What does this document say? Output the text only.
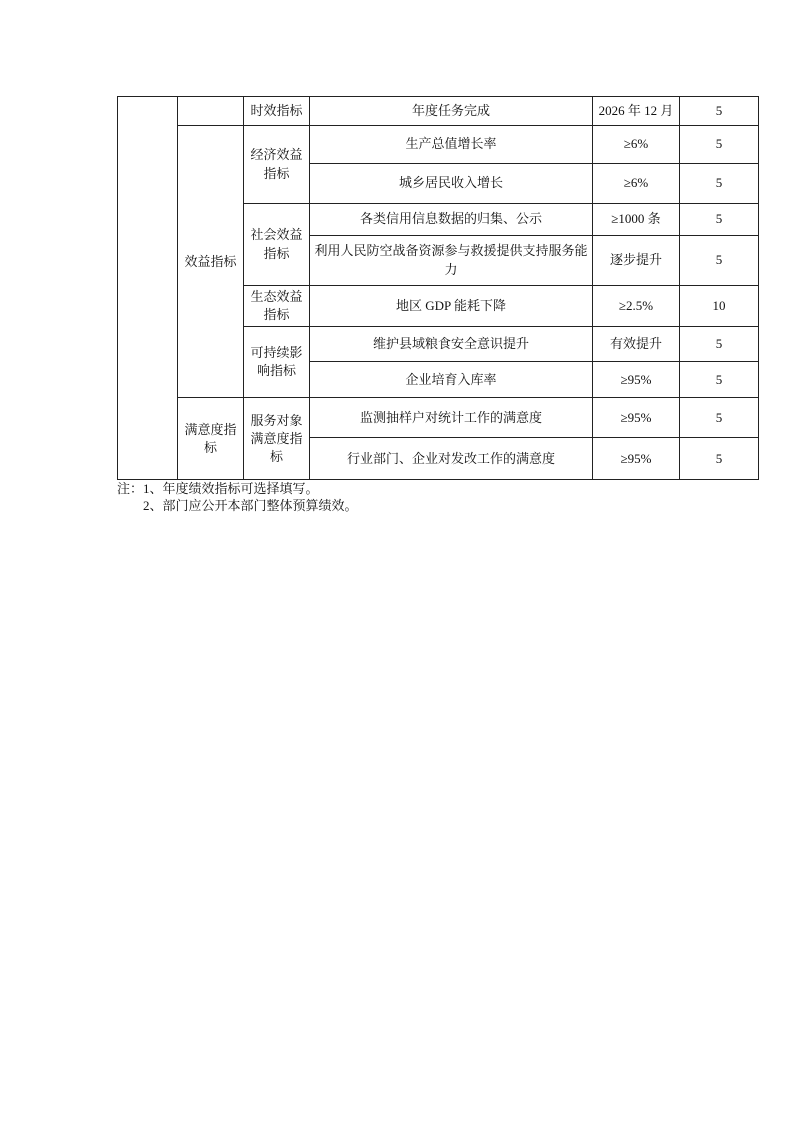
		时效指标	年度任务完成	2026 年 12 月	5
	效益指标	经济效益指标	生产总值增长率	≥6%	5
			城乡居民收入增长	≥6%	5
		社会效益指标	各类信用信息数据的归集、公示	≥1000 条	5
			利用人民防空战备资源参与救援提供支持服务能力	逐步提升	5
		生态效益指标	地区 GDP 能耗下降	≥2.5%	10
		可持续影响指标	维护县域粮食安全意识提升	有效提升	5
			企业培育入库率	≥95%	5
	满意度指标	服务对象满意度指标	监测抽样户对统计工作的满意度	≥95%	5
			行业部门、企业对发改工作的满意度	≥95%	5
注： 1、年度绩效指标可选择填写。
2、部门应公开本部门整体预算绩效。
